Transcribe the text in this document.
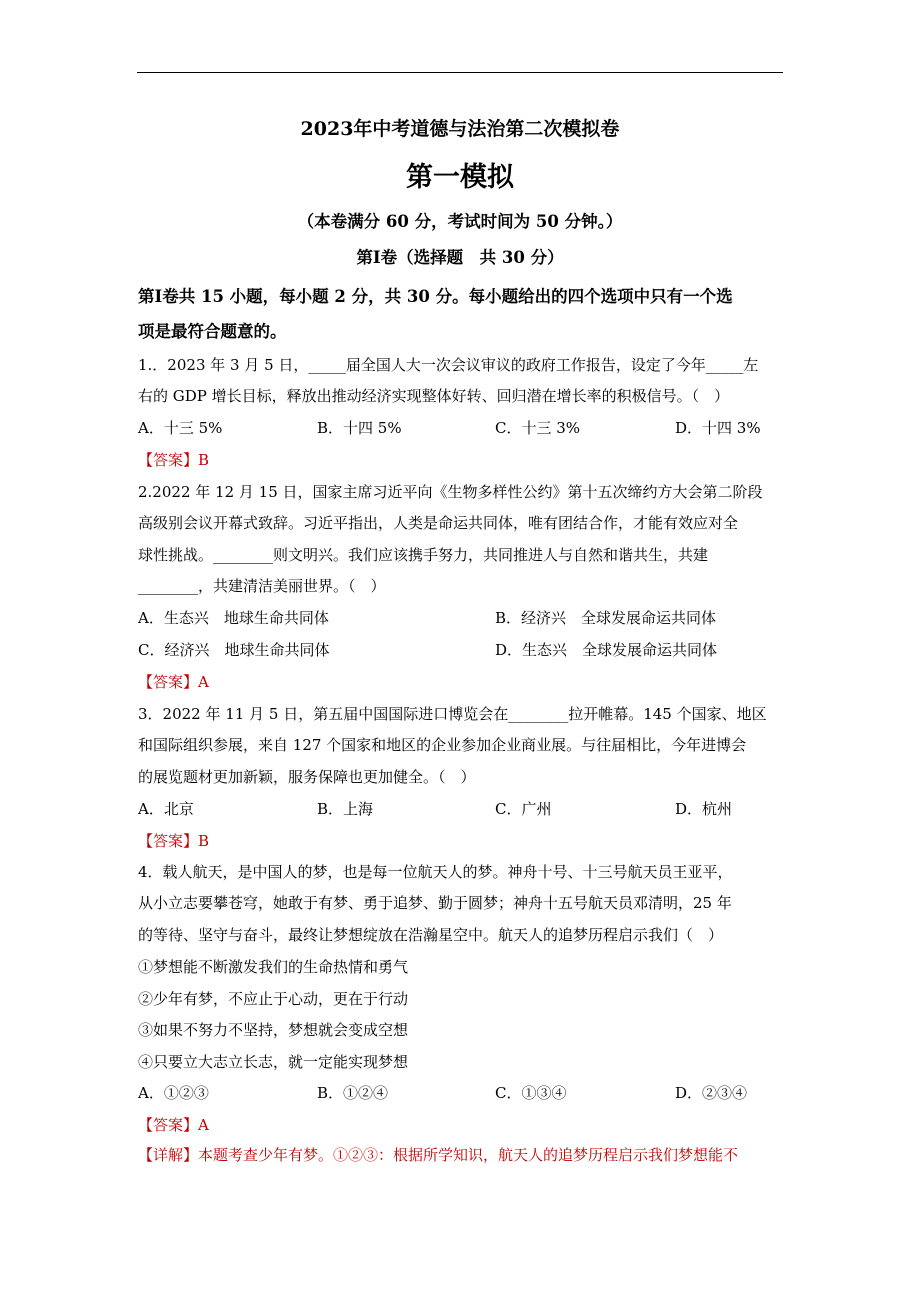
2023年中考道德与法治第二次模拟卷
第一模拟
（本卷满分 60 分，考试时间为 50 分钟。）
第I卷（选择题　共 30 分）
第I卷共 15 小题，每小题 2 分，共 30 分。每小题给出的四个选项中只有一个选
项是最符合题意的。
1.．2023 年 3 月 5 日，_____届全国人大一次会议审议的政府工作报告，设定了今年_____左
右的 GDP 增长目标，释放出推动经济实现整体好转、回归潜在增长率的积极信号。（　）
A．十三 5%	B．十四 5%	C．十三 3%	D．十四 3%
【答案】B
2.2022 年 12 月 15 日，国家主席习近平向《生物多样性公约》第十五次缔约方大会第二阶段
高级别会议开幕式致辞。习近平指出，人类是命运共同体，唯有团结合作，才能有效应对全
球性挑战。________则文明兴。我们应该携手努力，共同推进人与自然和谐共生，共建
________，共建清洁美丽世界。（　）
A．生态兴　地球生命共同体	B．经济兴　全球发展命运共同体
C．经济兴　地球生命共同体	D．生态兴　全球发展命运共同体
【答案】A
3．2022 年 11 月 5 日，第五届中国国际进口博览会在________拉开帷幕。145 个国家、地区
和国际组织参展，来自 127 个国家和地区的企业参加企业商业展。与往届相比，今年进博会
的展览题材更加新颖，服务保障也更加健全。（　）
A．北京	B．上海	C．广州	D．杭州
【答案】B
4．载人航天，是中国人的梦，也是每一位航天人的梦。神舟十号、十三号航天员王亚平，
从小立志要攀苍穹，她敢于有梦、勇于追梦、勤于圆梦；神舟十五号航天员邓清明，25 年
的等待、坚守与奋斗，最终让梦想绽放在浩瀚星空中。航天人的追梦历程启示我们（　）
①梦想能不断激发我们的生命热情和勇气
②少年有梦，不应止于心动，更在于行动
③如果不努力不坚持，梦想就会变成空想
④只要立大志立长志，就一定能实现梦想
A．①②③	B．①②④	C．①③④	D．②③④
【答案】A
【详解】本题考查少年有梦。①②③：根据所学知识，航天人的追梦历程启示我们梦想能不
